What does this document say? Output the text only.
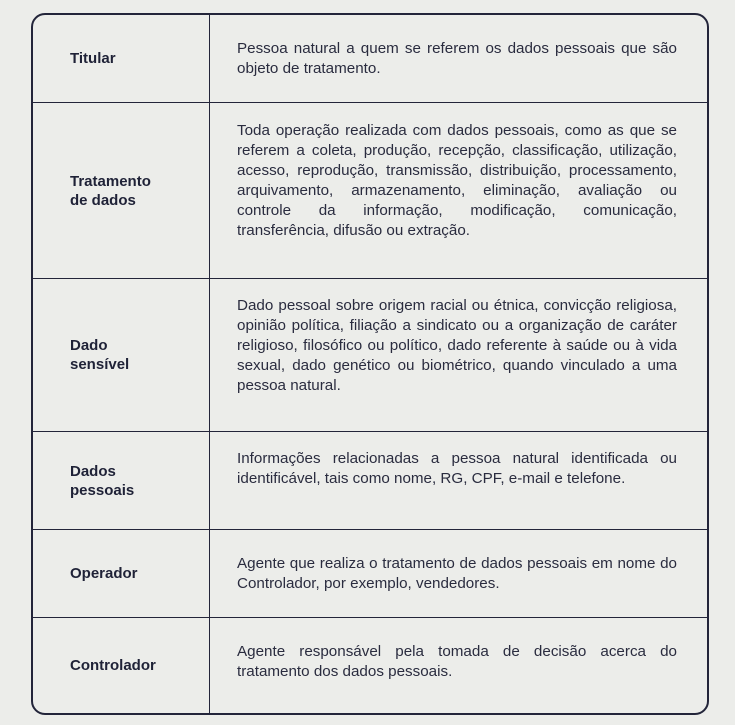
Titular
Pessoa natural a quem se referem os dados pessoais que são objeto de tratamento.
Tratamento de dados
Toda operação realizada com dados pessoais, como as que se referem a coleta, produção, recepção, classificação, utilização, acesso, reprodução, transmissão, distribuição, processamento, arquivamento, armazenamento, eliminação, avaliação ou controle da informação, modificação, comunicação, transferência, difusão ou extração.
Dado sensível
Dado pessoal sobre origem racial ou étnica, convicção religiosa, opinião política, filiação a sindicato ou a organização de caráter religioso, filosófico ou político, dado referente à saúde ou à vida sexual, dado genético ou biométrico, quando vinculado a uma pessoa natural.
Dados pessoais
Informações relacionadas a pessoa natural identificada ou identificável, tais como nome, RG, CPF, e-mail e telefone.
Operador
Agente que realiza o tratamento de dados pessoais em nome do Controlador, por exemplo, vendedores.
Controlador
Agente responsável pela tomada de decisão acerca do tratamento dos dados pessoais.
